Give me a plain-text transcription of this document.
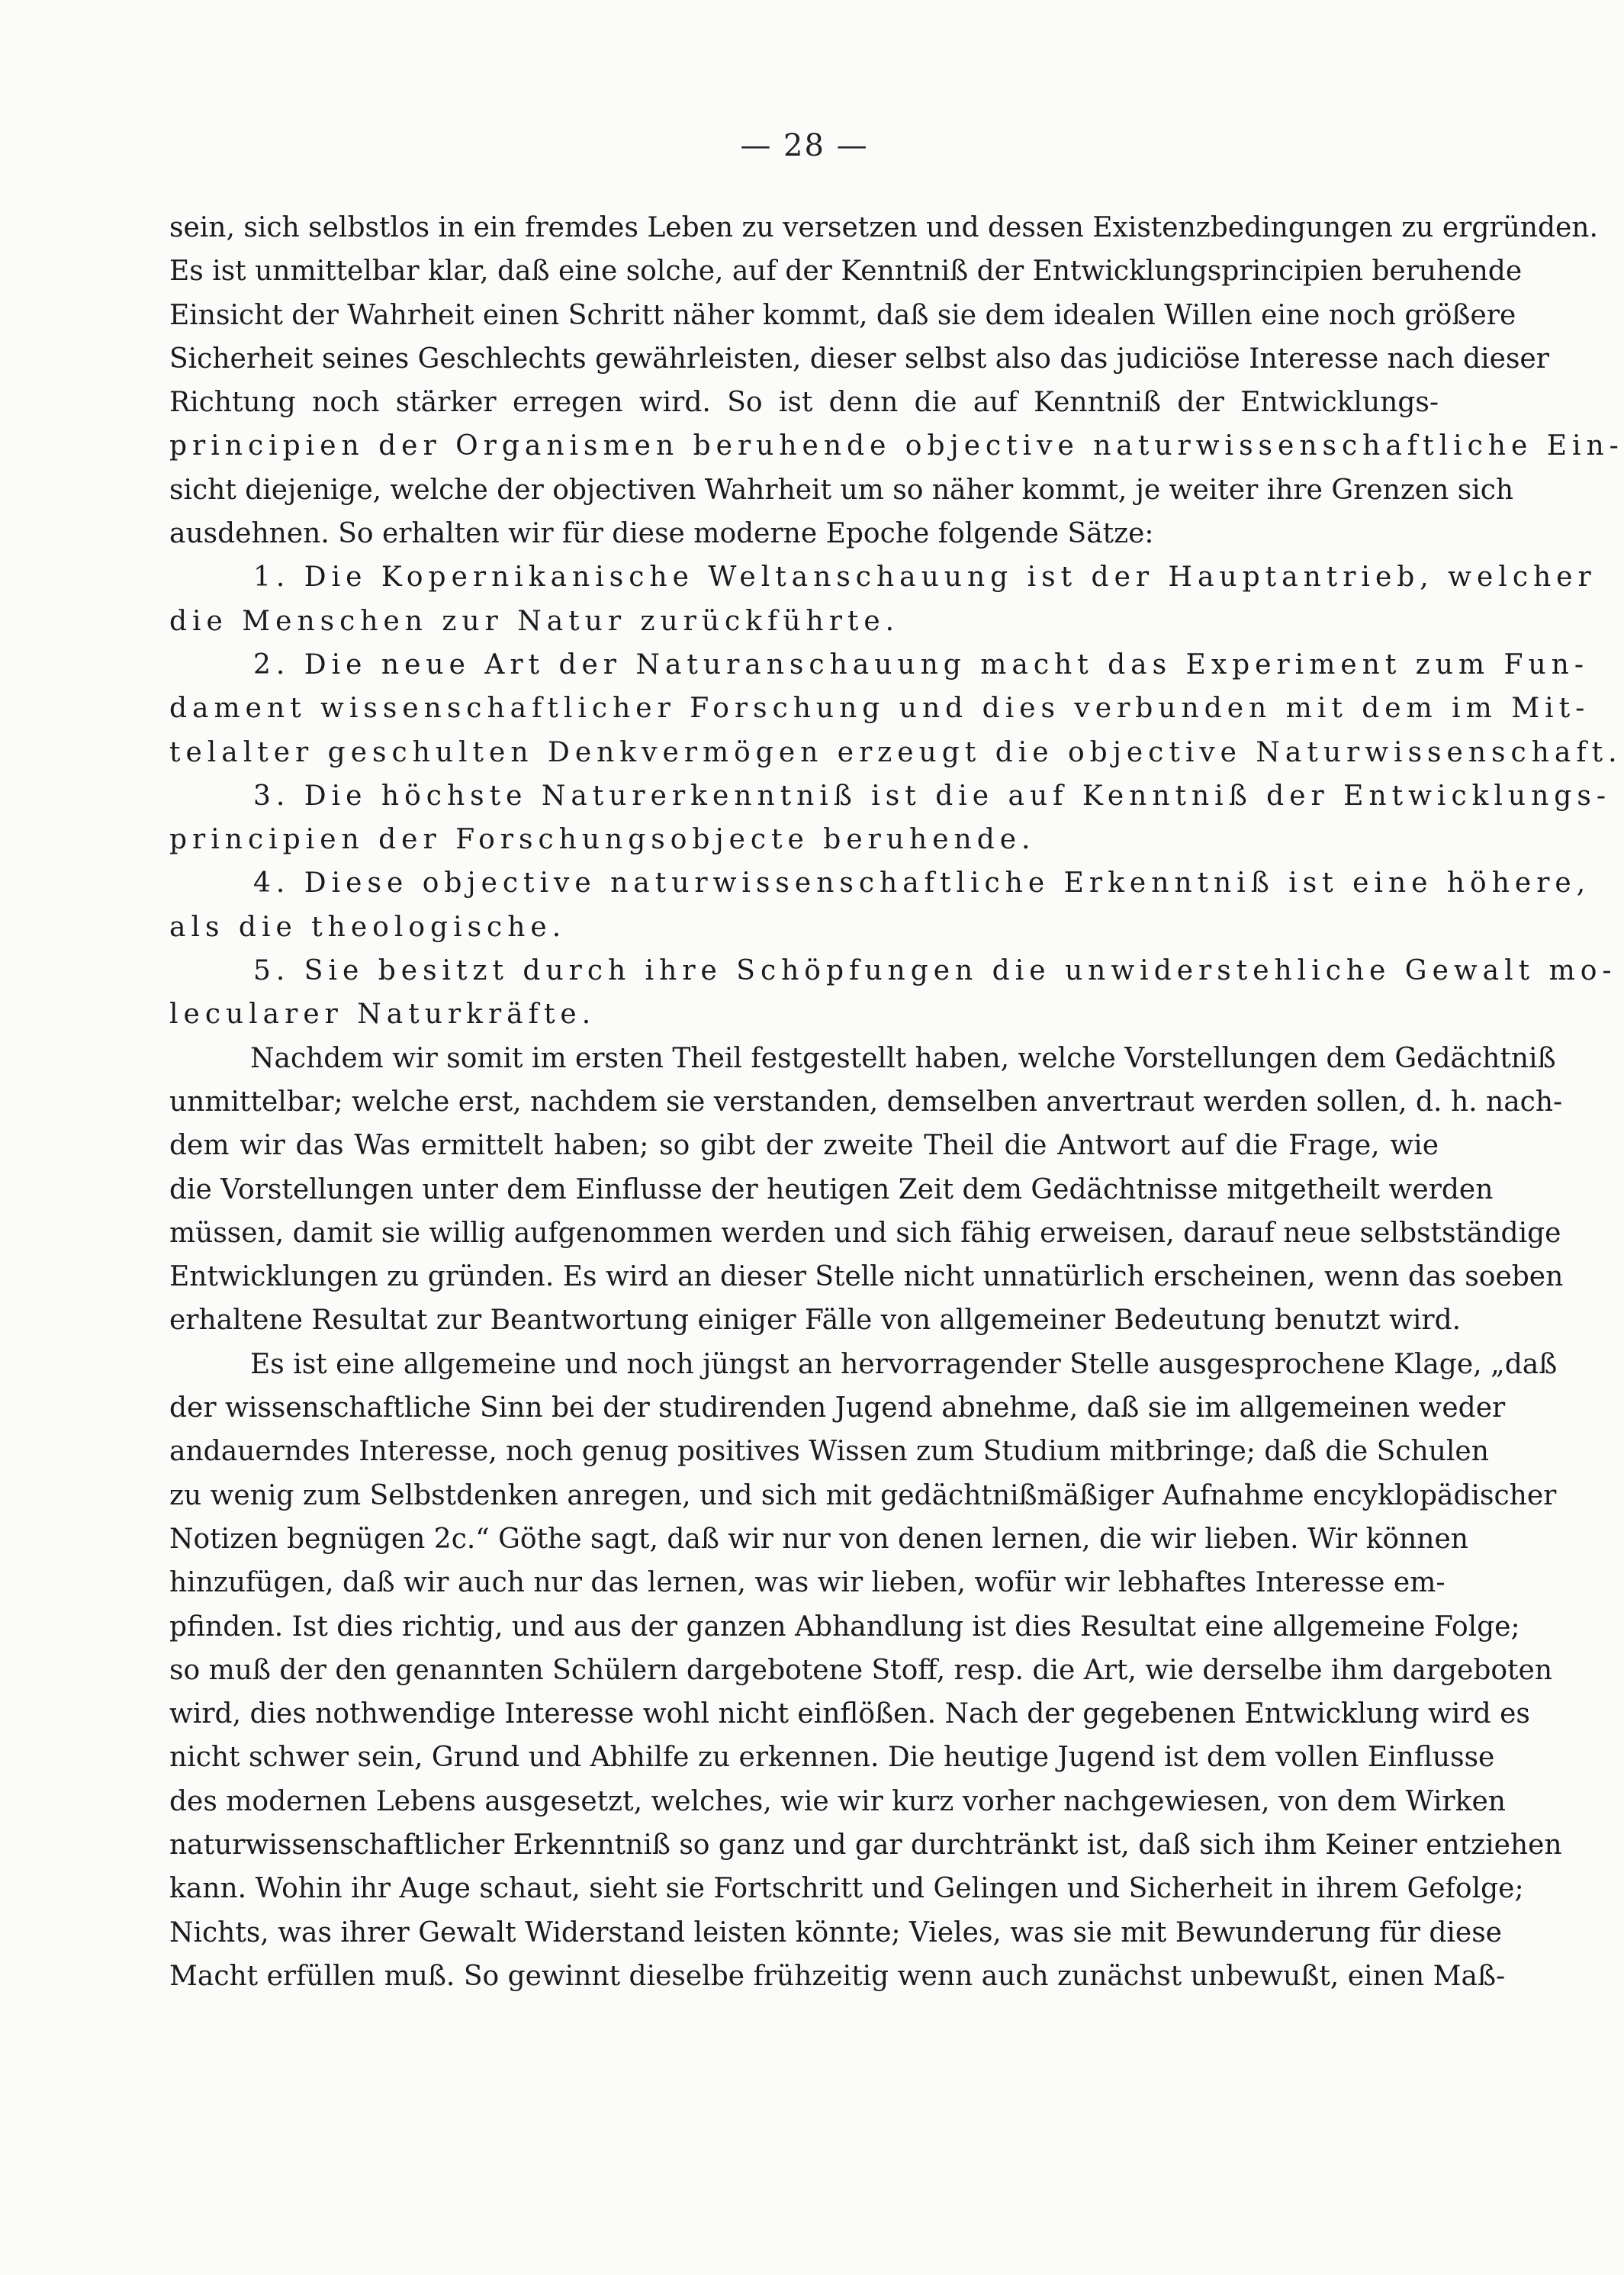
— 28 —
sein, sich selbstlos in ein fremdes Leben zu versetzen und dessen Existenzbedingungen zu ergründen.
Es ist unmittelbar klar, daß eine solche, auf der Kenntniß der Entwicklungsprincipien beruhende
Einsicht der Wahrheit einen Schritt näher kommt, daß sie dem idealen Willen eine noch größere
Sicherheit seines Geschlechts gewährleisten, dieser selbst also das judiciöse Interesse nach dieser
Richtung noch stärker erregen wird. So ist denn die auf Kenntniß der Entwicklungs-
principien der Organismen beruhende objective naturwissenschaftliche Ein-
sicht diejenige, welche der objectiven Wahrheit um so näher kommt, je weiter ihre Grenzen sich
ausdehnen. So erhalten wir für diese moderne Epoche folgende Sätze:
1. Die Kopernikanische Weltanschauung ist der Hauptantrieb, welcher
die Menschen zur Natur zurückführte.
2. Die neue Art der Naturanschauung macht das Experiment zum Fun-
dament wissenschaftlicher Forschung und dies verbunden mit dem im Mit-
telalter geschulten Denkvermögen erzeugt die objective Naturwissenschaft.
3. Die höchste Naturerkenntniß ist die auf Kenntniß der Entwicklungs-
principien der Forschungsobjecte beruhende.
4. Diese objective naturwissenschaftliche Erkenntniß ist eine höhere,
als die theologische.
5. Sie besitzt durch ihre Schöpfungen die unwiderstehliche Gewalt mo-
lecularer Naturkräfte.
Nachdem wir somit im ersten Theil festgestellt haben, welche Vorstellungen dem Gedächtniß
unmittelbar; welche erst, nachdem sie verstanden, demselben anvertraut werden sollen, d. h. nach-
dem wir das Was ermittelt haben; so gibt der zweite Theil die Antwort auf die Frage, wie
die Vorstellungen unter dem Einflusse der heutigen Zeit dem Gedächtnisse mitgetheilt werden
müssen, damit sie willig aufgenommen werden und sich fähig erweisen, darauf neue selbstständige
Entwicklungen zu gründen. Es wird an dieser Stelle nicht unnatürlich erscheinen, wenn das soeben
erhaltene Resultat zur Beantwortung einiger Fälle von allgemeiner Bedeutung benutzt wird.
Es ist eine allgemeine und noch jüngst an hervorragender Stelle ausgesprochene Klage, „daß
der wissenschaftliche Sinn bei der studirenden Jugend abnehme, daß sie im allgemeinen weder
andauerndes Interesse, noch genug positives Wissen zum Studium mitbringe; daß die Schulen
zu wenig zum Selbstdenken anregen, und sich mit gedächtnißmäßiger Aufnahme encyklopädischer
Notizen begnügen 2c.“ Göthe sagt, daß wir nur von denen lernen, die wir lieben. Wir können
hinzufügen, daß wir auch nur das lernen, was wir lieben, wofür wir lebhaftes Interesse em-
pfinden. Ist dies richtig, und aus der ganzen Abhandlung ist dies Resultat eine allgemeine Folge;
so muß der den genannten Schülern dargebotene Stoff, resp. die Art, wie derselbe ihm dargeboten
wird, dies nothwendige Interesse wohl nicht einflößen. Nach der gegebenen Entwicklung wird es
nicht schwer sein, Grund und Abhilfe zu erkennen. Die heutige Jugend ist dem vollen Einflusse
des modernen Lebens ausgesetzt, welches, wie wir kurz vorher nachgewiesen, von dem Wirken
naturwissenschaftlicher Erkenntniß so ganz und gar durchtränkt ist, daß sich ihm Keiner entziehen
kann. Wohin ihr Auge schaut, sieht sie Fortschritt und Gelingen und Sicherheit in ihrem Gefolge;
Nichts, was ihrer Gewalt Widerstand leisten könnte; Vieles, was sie mit Bewunderung für diese
Macht erfüllen muß. So gewinnt dieselbe frühzeitig wenn auch zunächst unbewußt, einen Maß-
